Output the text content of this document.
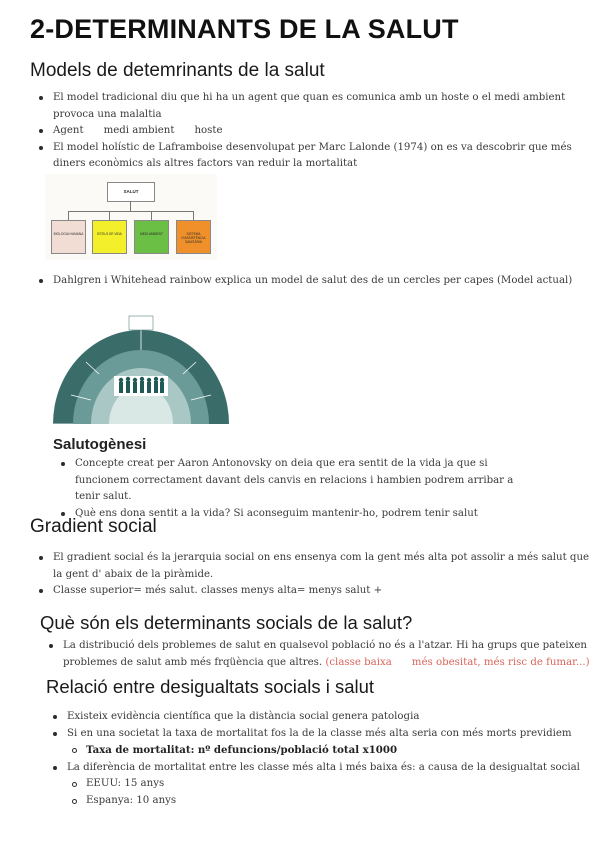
2-DETERMINANTS DE LA SALUT
Models de detemrinants de la salut
El model tradicional diu que hi ha un agent que quan es comunica amb un hoste o el medi ambient provoca una malaltia
Agent medi ambient hoste
El model holístic de Laframboise desenvolupat per Marc Lalonde (1974) on es va descobrir que més diners econòmics als altres factors van reduir la mortalitat
SALUT
BIOLOGIA HUMANA	ESTILS DE VIDA	MEDI AMBIENT	SISTEMA D'ASSISTÈNCIA SANITÀRIA
Dahlgren i Whitehead rainbow explica un model de salut des de un cercles per capes (Model actual)
Salutogènesi
Concepte creat per Aaron Antonovsky on deia que era sentit de la vida ja que si funcionem correctament davant dels canvis en relacions i hambien podrem arribar a tenir salut.
Què ens dona sentit a la vida? Si aconseguim mantenir-ho, podrem tenir salut
Gradient social
El gradient social és la jerarquia social on ens ensenya com la gent més alta pot assolir a més salut que la gent d' abaix de la piràmide.
Classe superior= més salut. classes menys alta= menys salut +
Què són els determinants socials de la salut?
La distribució dels problemes de salut en qualsevol població no és a l'atzar. Hi ha grups que pateixen problemes de salut amb més frqüència que altres. (classe baixa més obesitat, més risc de fumar...)
Relació entre desigualtats socials i salut
Existeix evidència científica que la distància social genera patologia
Si en una societat la taxa de mortalitat fos la de la classe més alta seria con més morts previdiem
Taxa de mortalitat: nº defuncions/població total x1000
La diferència de mortalitat entre les classe més alta i més baixa és: a causa de la desigualtat social
EEUU: 15 anys
Espanya: 10 anys
